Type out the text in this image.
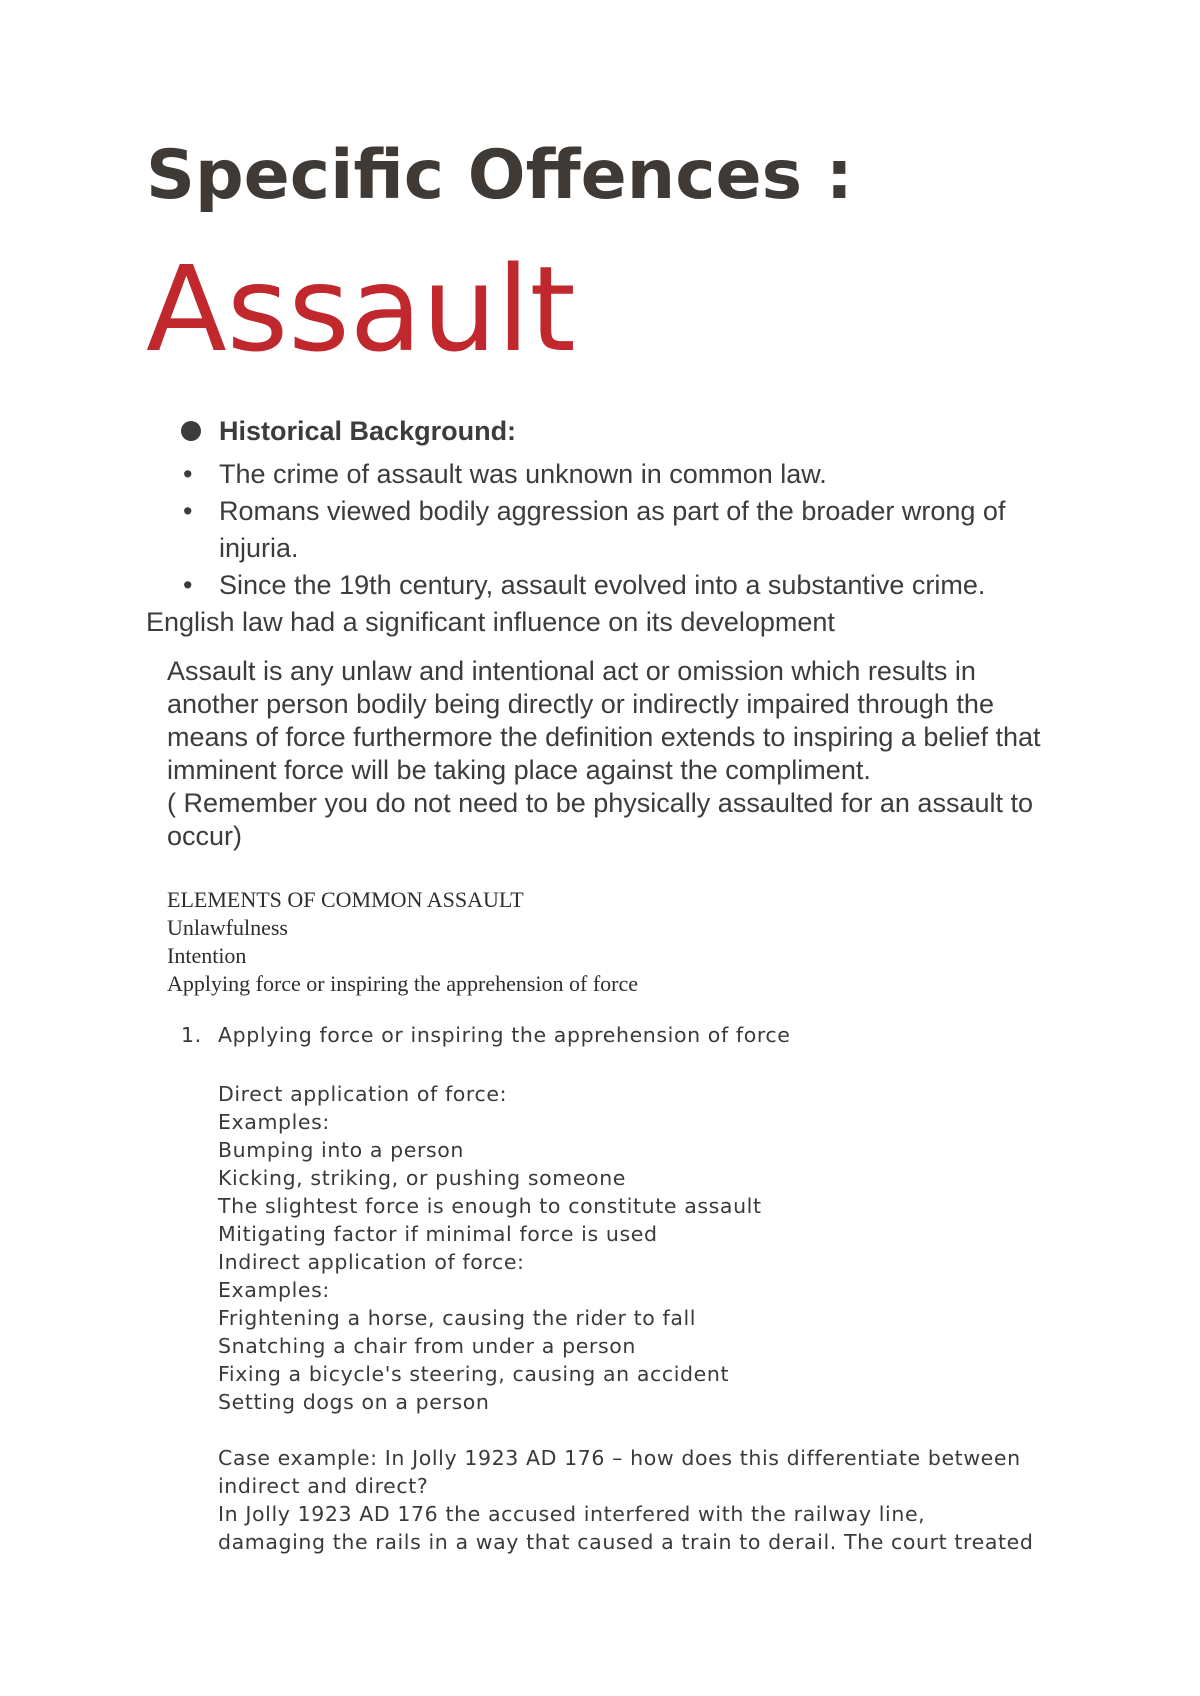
Specific Offences :
Assault
Historical Background:
• The crime of assault was unknown in common law.
• Romans viewed bodily aggression as part of the broader wrong of injuria.
• Since the 19th century, assault evolved into a substantive crime.
English law had a significant influence on its development
Assault is any unlaw and intentional act or omission which results in another person bodily being directly or indirectly impaired through the means of force furthermore the definition extends to inspiring a belief that imminent force will be taking place against the compliment.
( Remember you do not need to be physically assaulted for an assault to occur)
ELEMENTS OF COMMON ASSAULT
Unlawfulness
Intention
Applying force or inspiring the apprehension of force
1. Applying force or inspiring the apprehension of force
Direct application of force:
Examples:
Bumping into a person
Kicking, striking, or pushing someone
The slightest force is enough to constitute assault
Mitigating factor if minimal force is used
Indirect application of force:
Examples:
Frightening a horse, causing the rider to fall
Snatching a chair from under a person
Fixing a bicycle's steering, causing an accident
Setting dogs on a person
Case example: In Jolly 1923 AD 176 – how does this differentiate between
indirect and direct?
In Jolly 1923 AD 176 the accused interfered with the railway line,
damaging the rails in a way that caused a train to derail. The court treated
